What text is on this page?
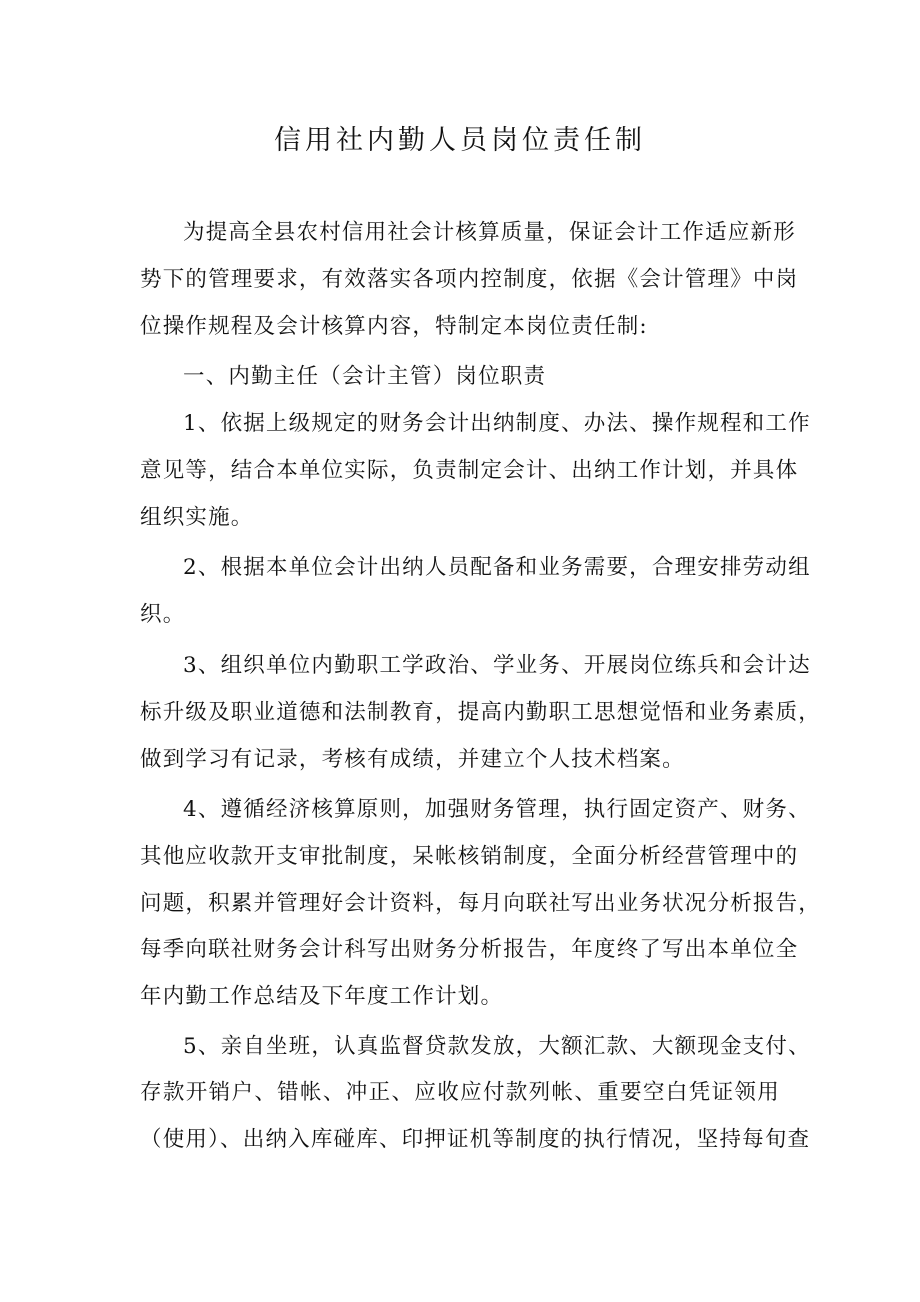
信用社内勤人员岗位责任制
为提高全县农村信用社会计核算质量，保证会计工作适应新形
势下的管理要求，有效落实各项内控制度，依据《会计管理》中岗
位操作规程及会计核算内容，特制定本岗位责任制:
一、内勤主任（会计主管）岗位职责
1、依据上级规定的财务会计出纳制度、办法、操作规程和工作
意见等，结合本单位实际，负责制定会计、出纳工作计划，并具体
组织实施。
2、根据本单位会计出纳人员配备和业务需要，合理安排劳动组
织。
3、组织单位内勤职工学政治、学业务、开展岗位练兵和会计达
标升级及职业道德和法制教育，提高内勤职工思想觉悟和业务素质，
做到学习有记录，考核有成绩，并建立个人技术档案。
4、遵循经济核算原则，加强财务管理，执行固定资产、财务、
其他应收款开支审批制度，呆帐核销制度，全面分析经营管理中的
问题，积累并管理好会计资料，每月向联社写出业务状况分析报告，
每季向联社财务会计科写出财务分析报告，年度终了写出本单位全
年内勤工作总结及下年度工作计划。
5、亲自坐班，认真监督贷款发放，大额汇款、大额现金支付、
存款开销户、错帐、冲正、应收应付款列帐、重要空白凭证领用
（使用）、出纳入库碰库、印押证机等制度的执行情况，坚持每旬查
